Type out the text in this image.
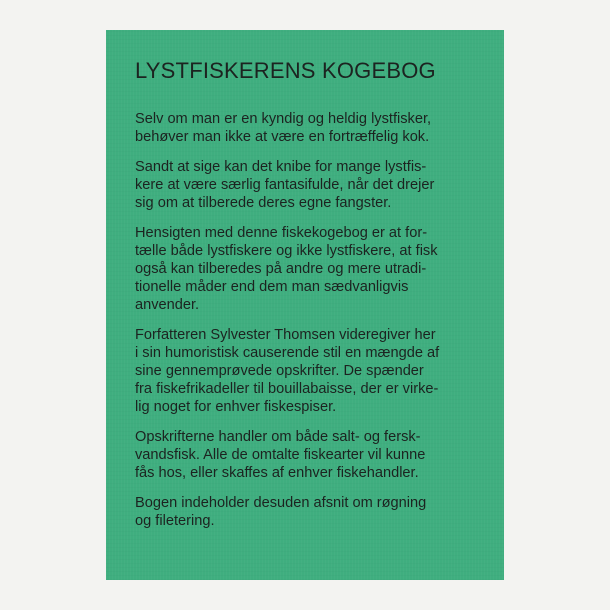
LYSTFISKERENS KOGEBOG

Selv om man er en kyndig og heldig lystfisker,
behøver man ikke at være en fortræffelig kok.

Sandt at sige kan det knibe for mange lystfis-
kere at være særlig fantasifulde, når det drejer
sig om at tilberede deres egne fangster.

Hensigten med denne fiskekogebog er at for-
tælle både lystfiskere og ikke lystfiskere, at fisk
også kan tilberedes på andre og mere utradi-
tionelle måder end dem man sædvanligvis
anvender.

Forfatteren Sylvester Thomsen videregiver her
i sin humoristisk causerende stil en mængde af
sine gennemprøvede opskrifter. De spænder
fra fiskefrikadeller til bouillabaisse, der er virke-
lig noget for enhver fiskespiser.

Opskrifterne handler om både salt- og fersk-
vandsfisk. Alle de omtalte fiskearter vil kunne
fås hos, eller skaffes af enhver fiskehandler.

Bogen indeholder desuden afsnit om røgning
og filetering.
